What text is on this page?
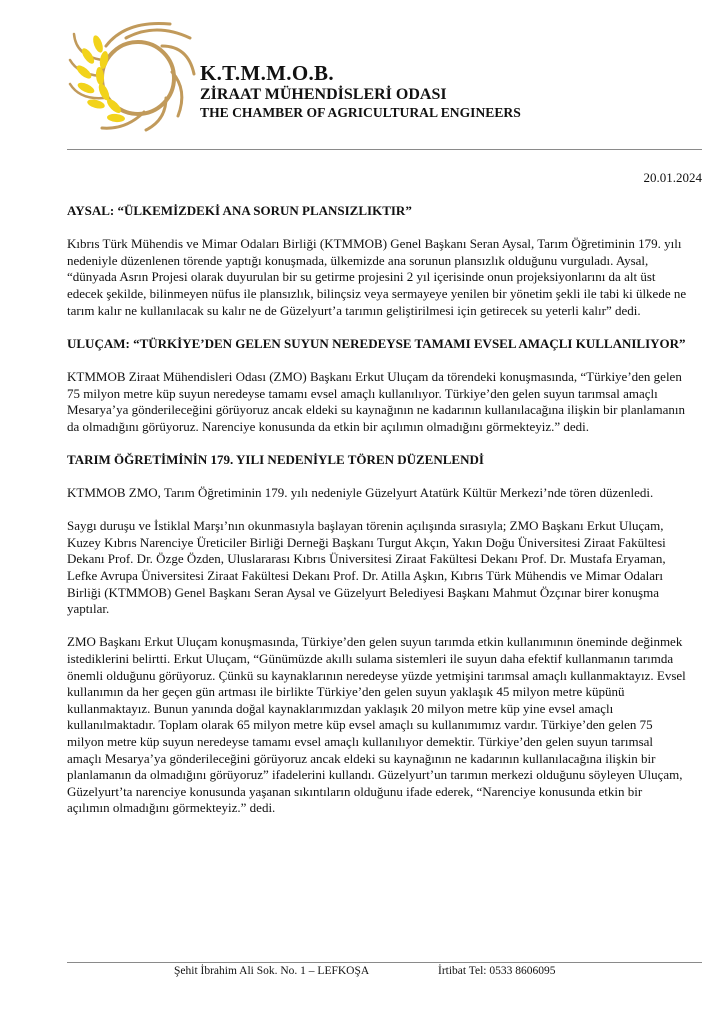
K.T.M.M.O.B.
ZİRAAT MÜHENDİSLERİ ODASI
THE CHAMBER OF AGRICULTURAL ENGINEERS
20.01.2024
AYSAL: “ÜLKEMİZDEKİ ANA SORUN PLANSIZLIKTIR”

Kıbrıs Türk Mühendis ve Mimar Odaları Birliği (KTMMOB) Genel Başkanı Seran Aysal, Tarım Öğretiminin 179. yılı nedeniyle düzenlenen törende yaptığı konuşmada, ülkemizde ana sorunun plansızlık olduğunu vurguladı. Aysal, “dünyada Asrın Projesi olarak duyurulan bir su getirme projesini 2 yıl içerisinde onun projeksiyonlarını da alt üst edecek şekilde, bilinmeyen nüfus ile plansızlık, bilinçsiz veya sermayeye yenilen bir yönetim şekli ile tabi ki ülkede ne tarım kalır ne kullanılacak su kalır ne de Güzelyurt’a tarımın geliştirilmesi için getirecek su yeterli kalır” dedi.

ULUÇAM: “TÜRKİYE’DEN GELEN SUYUN NEREDEYSE TAMAMI EVSEL AMAÇLI KULLANILIYOR”

KTMMOB Ziraat Mühendisleri Odası (ZMO) Başkanı Erkut Uluçam da törendeki konuşmasında, “Türkiye’den gelen 75 milyon metre küp suyun neredeyse tamamı evsel amaçlı kullanılıyor. Türkiye’den gelen suyun tarımsal amaçlı Mesarya’ya gönderileceğini görüyoruz ancak eldeki su kaynağının ne kadarının kullanılacağına ilişkin bir planlamanın da olmadığını görüyoruz. Narenciye konusunda da etkin bir açılımın olmadığını görmekteyiz.” dedi.

TARIM ÖĞRETİMİNİN 179. YILI NEDENİYLE TÖREN DÜZENLENDİ

KTMMOB ZMO, Tarım Öğretiminin 179. yılı nedeniyle Güzelyurt Atatürk Kültür Merkezi’nde tören düzenledi.

Saygı duruşu ve İstiklal Marşı’nın okunmasıyla başlayan törenin açılışında sırasıyla; ZMO Başkanı Erkut Uluçam, Kuzey Kıbrıs Narenciye Üreticiler Birliği Derneği Başkanı Turgut Akçın, Yakın Doğu Üniversitesi Ziraat Fakültesi Dekanı Prof. Dr. Özge Özden, Uluslararası Kıbrıs Üniversitesi Ziraat Fakültesi Dekanı Prof. Dr. Mustafa Eryaman, Lefke Avrupa Üniversitesi Ziraat Fakültesi Dekanı Prof. Dr. Atilla Aşkın, Kıbrıs Türk Mühendis ve Mimar Odaları Birliği (KTMMOB) Genel Başkanı Seran Aysal ve Güzelyurt Belediyesi Başkanı Mahmut Özçınar birer konuşma yaptılar.

ZMO Başkanı Erkut Uluçam konuşmasında, Türkiye’den gelen suyun tarımda etkin kullanımının öneminde değinmek istediklerini belirtti. Erkut Uluçam, “Günümüzde akıllı sulama sistemleri ile suyun daha efektif kullanmanın tarımda önemli olduğunu görüyoruz. Çünkü su kaynaklarının neredeyse yüzde yetmişini tarımsal amaçlı kullanmaktayız. Evsel kullanımın da her geçen gün artması ile birlikte Türkiye’den gelen suyun yaklaşık 45 milyon metre küpünü kullanmaktayız. Bunun yanında doğal kaynaklarımızdan yaklaşık 20 milyon metre küp yine evsel amaçlı kullanılmaktadır. Toplam olarak 65 milyon metre küp evsel amaçlı su kullanımımız vardır. Türkiye’den gelen 75 milyon metre küp suyun neredeyse tamamı evsel amaçlı kullanılıyor demektir. Türkiye’den gelen suyun tarımsal amaçlı Mesarya’ya gönderileceğini görüyoruz ancak eldeki su kaynağının ne kadarının kullanılacağına ilişkin bir planlamanın da olmadığını görüyoruz” ifadelerini kullandı. Güzelyurt’un tarımın merkezi olduğunu söyleyen Uluçam, Güzelyurt’ta narenciye konusunda yaşanan sıkıntıların olduğunu ifade ederek, “Narenciye konusunda etkin bir açılımın olmadığını görmekteyiz.” dedi.

Şehit İbrahim Ali Sok. No. 1 – LEFKOŞA	İrtibat Tel: 0533 8606095
